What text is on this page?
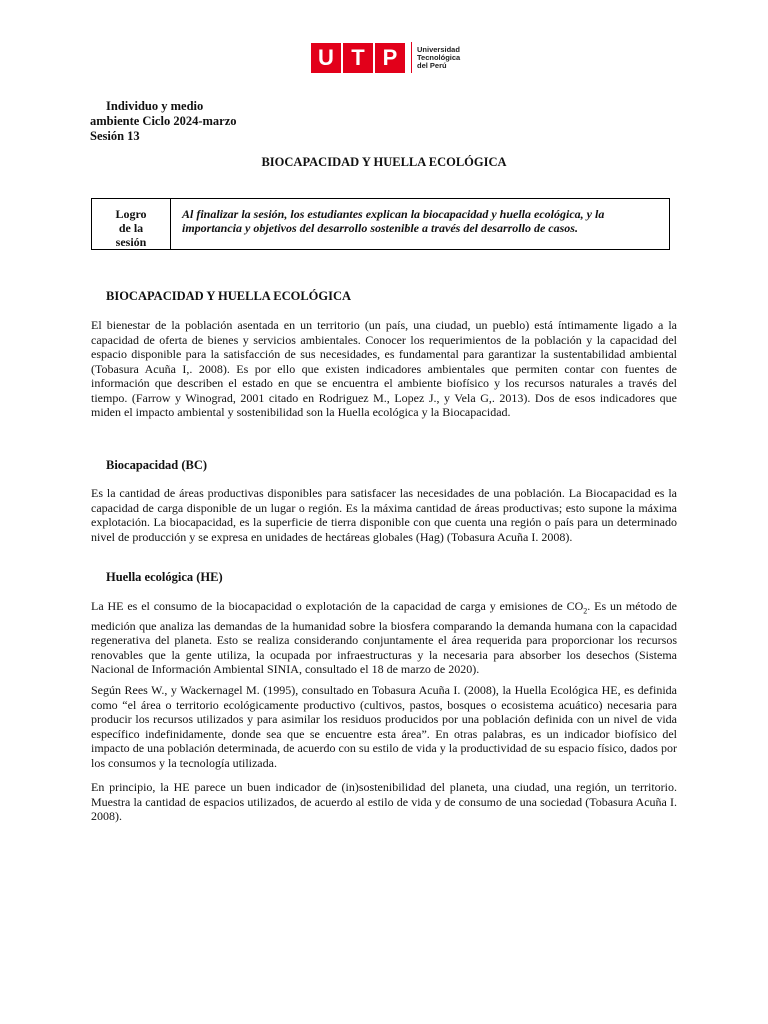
U T P	Universidad
Tecnológica
del Perú
Individuo y medio
ambiente Ciclo 2024-marzo
Sesión 13
BIOCAPACIDAD Y HUELLA ECOLÓGICA
Logro
de la
sesión
Al finalizar la sesión, los estudiantes explican la biocapacidad y huella ecológica, y la importancia y objetivos del desarrollo sostenible a través del desarrollo de casos.
BIOCAPACIDAD Y HUELLA ECOLÓGICA
El bienestar de la población asentada en un territorio (un país, una ciudad, un pueblo) está íntimamente ligado a la capacidad de oferta de bienes y servicios ambientales. Conocer los requerimientos de la población y la capacidad del espacio disponible para la satisfacción de sus necesidades, es fundamental para garantizar la sustentabilidad ambiental (Tobasura Acuña I,. 2008). Es por ello que existen indicadores ambientales que permiten contar con fuentes de información que describen el estado en que se encuentra el ambiente biofísico y los recursos naturales a través del tiempo. (Farrow y Winograd, 2001 citado en Rodriguez M., Lopez J., y Vela G,. 2013). Dos de esos indicadores que miden el impacto ambiental y sostenibilidad son la Huella ecológica y la Biocapacidad.
Biocapacidad (BC)
Es la cantidad de áreas productivas disponibles para satisfacer las necesidades de una población. La Biocapacidad es la capacidad de carga disponible de un lugar o región. Es la máxima cantidad de áreas productivas; esto supone la máxima explotación. La biocapacidad, es la superficie de tierra disponible con que cuenta una región o país para un determinado nivel de producción y se expresa en unidades de hectáreas globales (Hag) (Tobasura Acuña I. 2008).
Huella ecológica (HE)
La HE es el consumo de la biocapacidad o explotación de la capacidad de carga y emisiones de $CO_2$. Es un método de medición que analiza las demandas de la humanidad sobre la biosfera comparando la demanda humana con la capacidad regenerativa del planeta. Esto se realiza considerando conjuntamente el área requerida para proporcionar los recursos renovables que la gente utiliza, la ocupada por infraestructuras y la necesaria para absorber los desechos (Sistema Nacional de Información Ambiental SINIA, consultado el 18 de marzo de 2020).
Según Rees W., y Wackernagel M. (1995), consultado en Tobasura Acuña I. (2008), la Huella Ecológica HE, es definida como “el área o territorio ecológicamente productivo (cultivos, pastos, bosques o ecosistema acuático) necesaria para producir los recursos utilizados y para asimilar los residuos producidos por una población definida con un nivel de vida específico indefinidamente, donde sea que se encuentre esta área”. En otras palabras, es un indicador biofísico del impacto de una población determinada, de acuerdo con su estilo de vida y la productividad de su espacio físico, dados por los consumos y la tecnología utilizada.
En principio, la HE parece un buen indicador de (in)sostenibilidad del planeta, una ciudad, una región, un territorio. Muestra la cantidad de espacios utilizados, de acuerdo al estilo de vida y de consumo de una sociedad (Tobasura Acuña I. 2008).
